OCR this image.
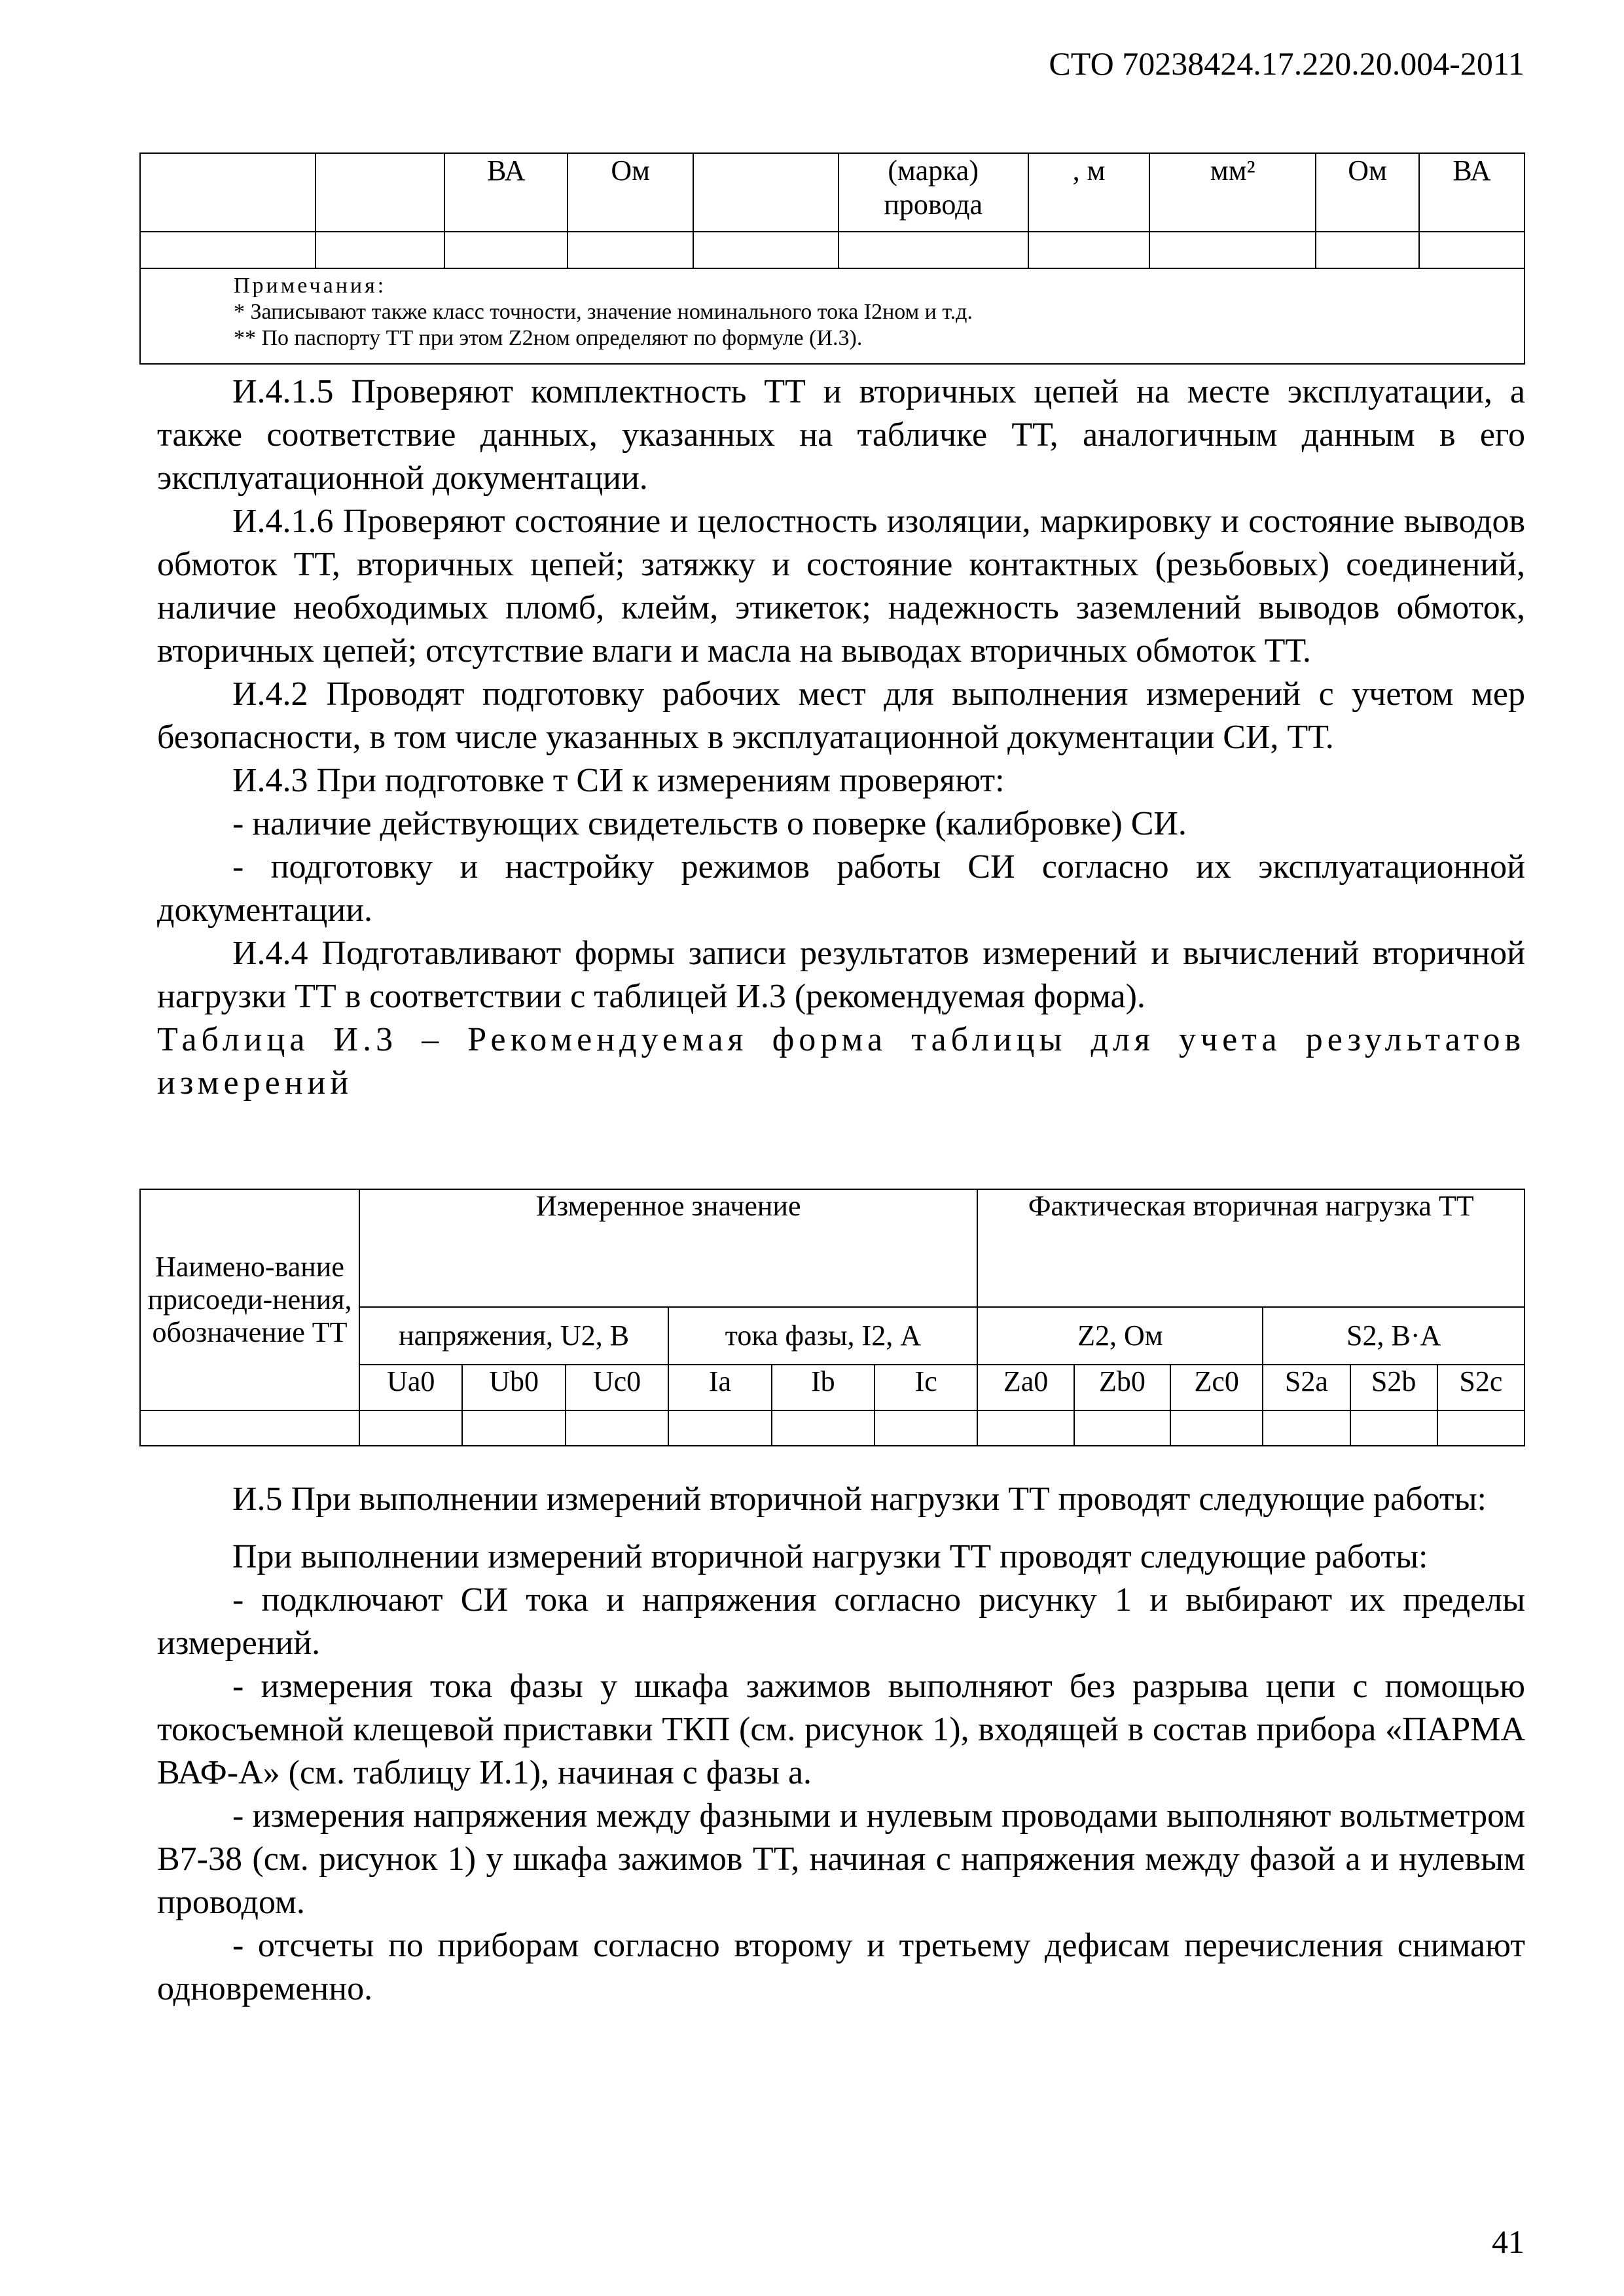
СТО 70238424.17.220.20.004-2011
		ВА	Ом		(марка) провода	, м	мм²	Ом	ВА

Примечания:
* Записывают также класс точности, значение номинального тока I2ном и т.д.
** По паспорту ТТ при этом Z2ном определяют по формуле (И.3).									

И.4.1.5 Проверяют комплектность ТТ и вторичных цепей на месте эксплуатации, а также соответствие данных, указанных на табличке ТТ, аналогичным данным в его эксплуатационной документации.

И.4.1.6 Проверяют состояние и целостность изоляции, маркировку и состояние выводов обмоток ТТ, вторичных цепей; затяжку и состояние контактных (резьбовых) соединений, наличие необходимых пломб, клейм, этикеток; надежность заземлений выводов обмоток, вторичных цепей; отсутствие влаги и масла на выводах вторичных обмоток ТТ.

И.4.2 Проводят подготовку рабочих мест для выполнения измерений с учетом мер безопасности, в том числе указанных в эксплуатационной документации СИ, ТТ.

И.4.3 При подготовке т СИ к измерениям проверяют:

- наличие действующих свидетельств о поверке (калибровке) СИ.

- подготовку и настройку режимов работы СИ согласно их эксплуатационной документации.

И.4.4 Подготавливают формы записи результатов измерений и вычислений вторичной нагрузки ТТ в соответствии с таблицей И.3 (рекомендуемая форма).

Таблица И.3 – Рекомендуемая форма таблицы для учета результатов измерений

Наимено-вание присоеди-нения, обозначение ТТ	Измеренное значение						Фактическая вторичная нагрузка ТТ					
	напряжения, U2, В			тока фазы, I2, А			Z2, Ом			S2, В·А		
	Ua0	Ub0	Uc0	Ia	Ib	Ic	Za0	Zb0	Zc0	S2a	S2b	S2c

И.5 При выполнении измерений вторичной нагрузки ТТ проводят следующие работы:

При выполнении измерений вторичной нагрузки ТТ проводят следующие работы:

- подключают СИ тока и напряжения согласно рисунку 1 и выбирают их пределы измерений.

- измерения тока фазы у шкафа зажимов выполняют без разрыва цепи с помощью токосъемной клещевой приставки ТКП (см. рисунок 1), входящей в состав прибора «ПАРМА ВАФ-А» (см. таблицу И.1), начиная с фазы а.

- измерения напряжения между фазными и нулевым проводами выполняют вольтметром В7-38 (см. рисунок 1) у шкафа зажимов ТТ, начиная с напряжения между фазой а и нулевым проводом.

- отсчеты по приборам согласно второму и третьему дефисам перечисления снимают одновременно.

41
